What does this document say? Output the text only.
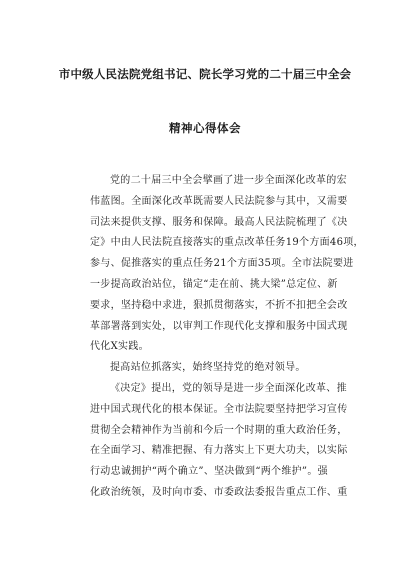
市中级人民法院党组书记、院长学习党的二十届三中全会
精神心得体会
党的二十届三中全会擘画了进一步全面深化改革的宏
伟蓝图。全面深化改革既需要人民法院参与其中，又需要
司法来提供支撑、服务和保障。最高人民法院梳理了《决
定》中由人民法院直接落实的重点改革任务19个方面46项，
参与、促推落实的重点任务21个方面35项。全市法院要进
一步提高政治站位，锚定“走在前、挑大梁”总定位、新
要求，坚持稳中求进，狠抓贯彻落实，不折不扣把全会改
革部署落到实处，以审判工作现代化支撑和服务中国式现
代化X实践。
提高站位抓落实，始终坚持党的绝对领导。
《决定》提出，党的领导是进一步全面深化改革、推
进中国式现代化的根本保证。全市法院要坚持把学习宣传
贯彻全会精神作为当前和今后一个时期的重大政治任务，
在全面学习、精准把握、有力落实上下更大功夫，以实际
行动忠诚拥护“两个确立”、坚决做到“两个维护”。强
化政治统领，及时向市委、市委政法委报告重点工作、重
